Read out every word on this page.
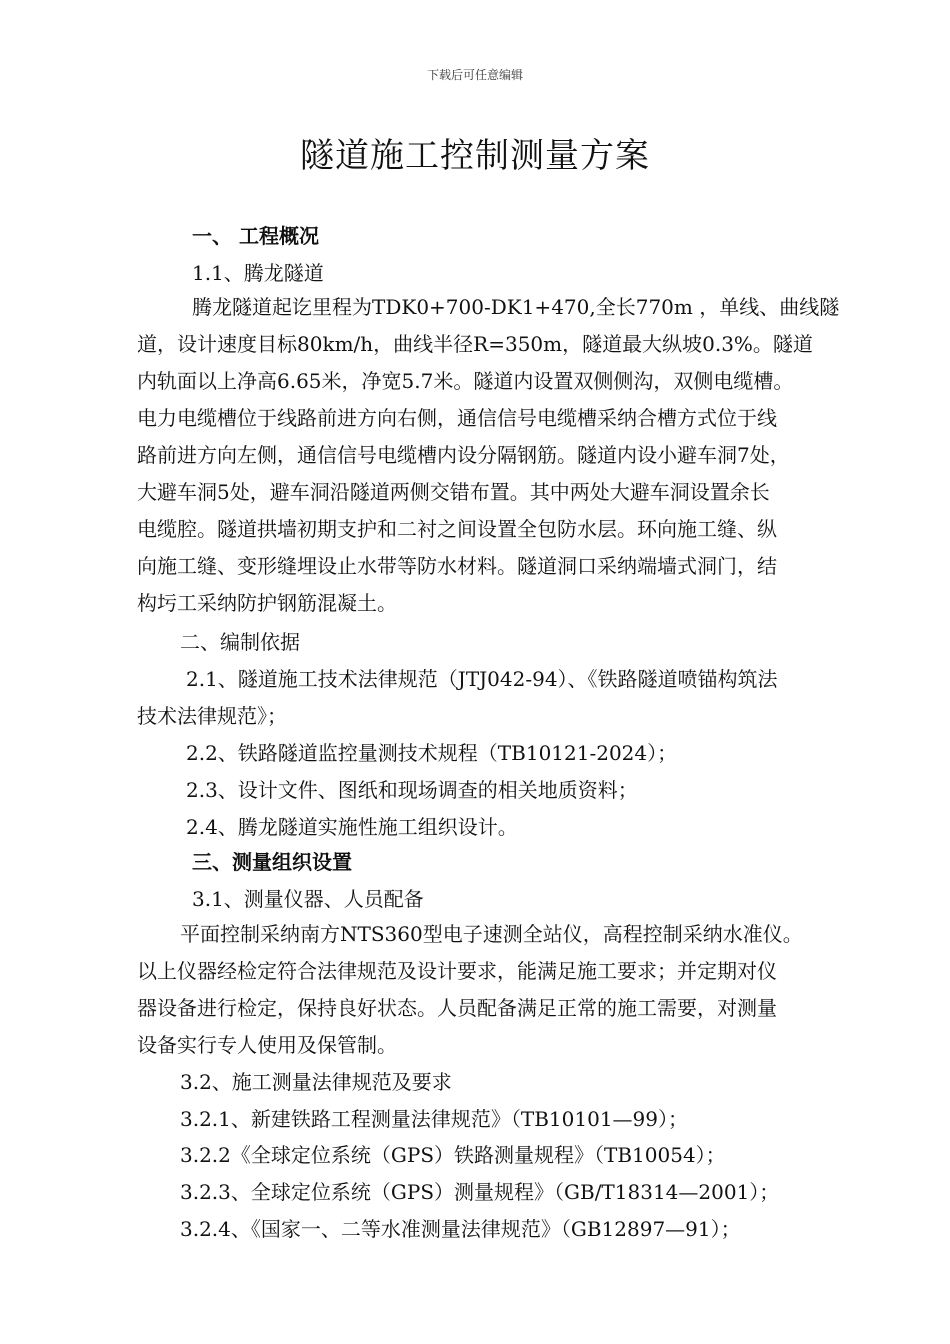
下载后可任意编辑
隧道施工控制测量方案
一、 工程概况
1.1、腾龙隧道
腾龙隧道起讫里程为TDK0+700-DK1+470,全长770m ，单线、曲线隧
道，设计速度目标80km/h，曲线半径R=350m，隧道最大纵坡0.3%。隧道
内轨面以上净高6.65米，净宽5.7米。隧道内设置双侧侧沟，双侧电缆槽。
电力电缆槽位于线路前进方向右侧，通信信号电缆槽采纳合槽方式位于线
路前进方向左侧，通信信号电缆槽内设分隔钢筋。隧道内设小避车洞7处，
大避车洞5处，避车洞沿隧道两侧交错布置。其中两处大避车洞设置余长
电缆腔。隧道拱墙初期支护和二衬之间设置全包防水层。环向施工缝、纵
向施工缝、变形缝埋设止水带等防水材料。隧道洞口采纳端墙式洞门，结
构圬工采纳防护钢筋混凝土。
二、编制依据
2.1、隧道施工技术法律规范（JTJ042-94）、《铁路隧道喷锚构筑法
技术法律规范》；
2.2、铁路隧道监控量测技术规程（TB10121-2024）；
2.3、设计文件、图纸和现场调查的相关地质资料；
2.4、腾龙隧道实施性施工组织设计。
三、测量组织设置
3.1、测量仪器、人员配备
平面控制采纳南方NTS360型电子速测全站仪，高程控制采纳水准仪。
以上仪器经检定符合法律规范及设计要求，能满足施工要求；并定期对仪
器设备进行检定，保持良好状态。人员配备满足正常的施工需要，对测量
设备实行专人使用及保管制。
3.2、施工测量法律规范及要求
3.2.1、新建铁路工程测量法律规范》（TB10101—99）；
3.2.2《全球定位系统（GPS）铁路测量规程》（TB10054）；
3.2.3、全球定位系统（GPS）测量规程》（GB/T18314—2001）；
3.2.4、《国家一、二等水准测量法律规范》（GB12897—91）；
